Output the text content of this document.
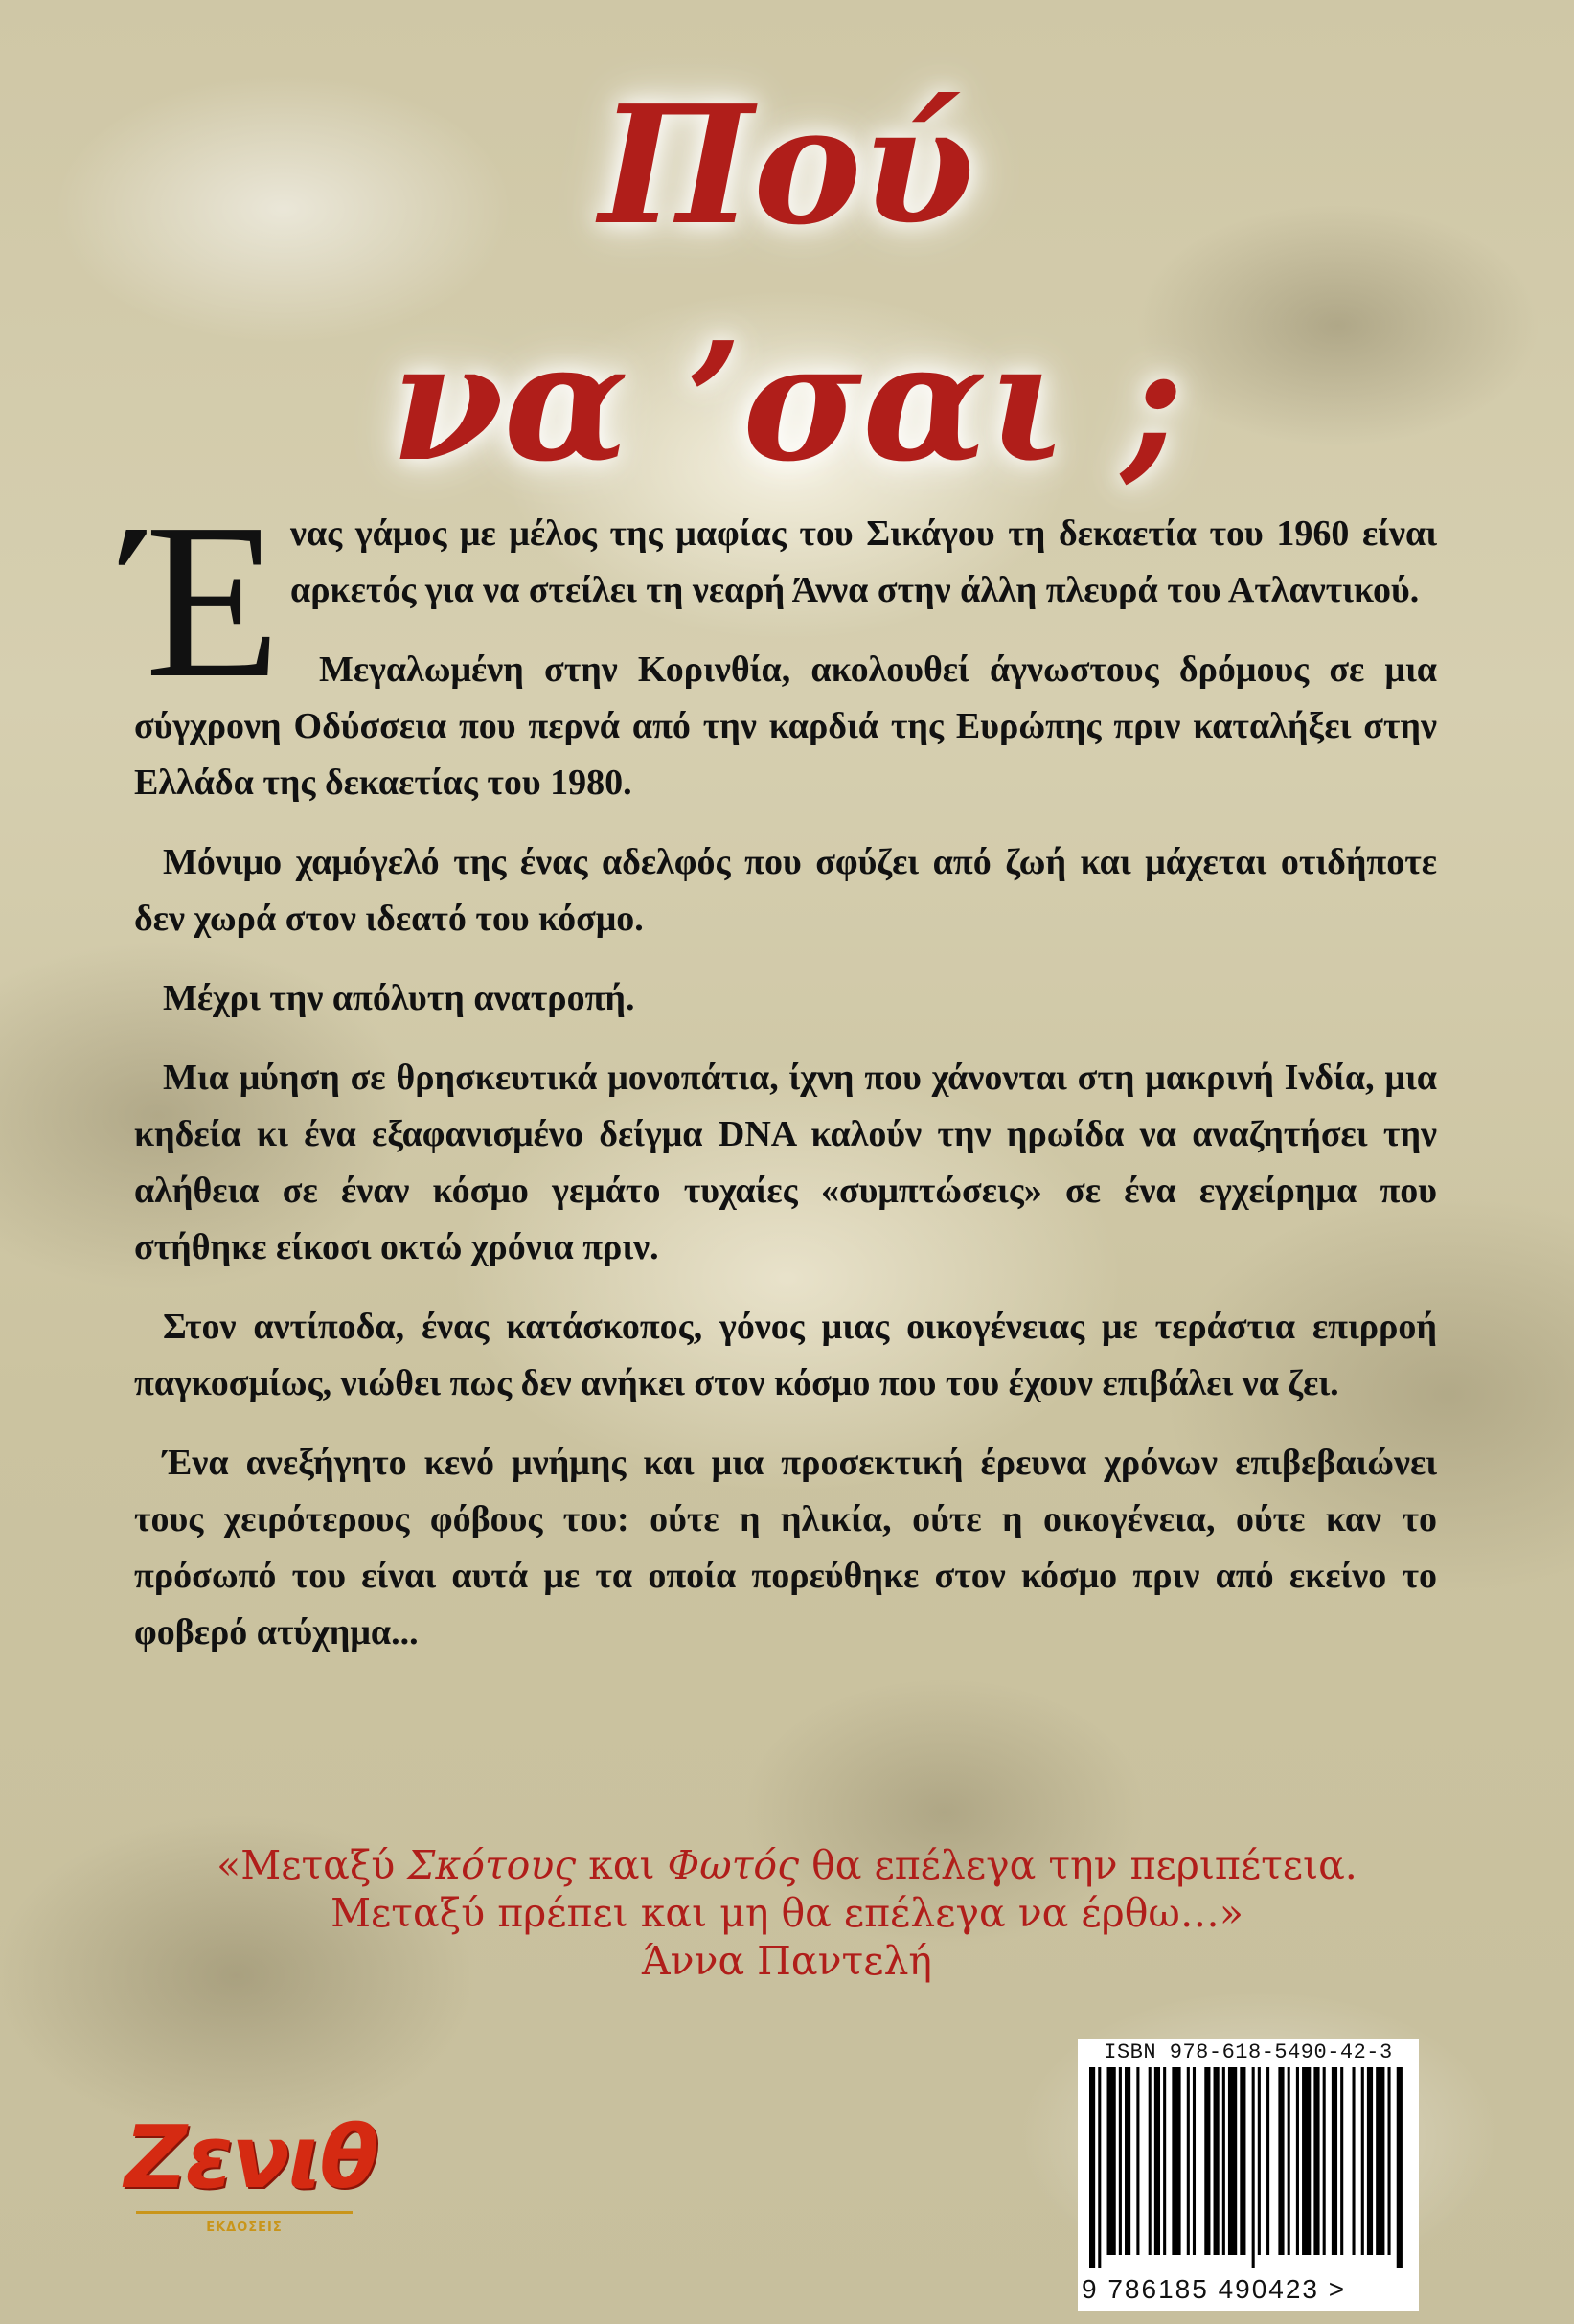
Πού
να ’σαι ;

Ένας γάμος με μέλος της μαφίας του Σικάγου τη δεκαετία του 1960 είναι αρκετός για να στείλει τη νεαρή Άννα στην άλλη πλευρά του Ατλαντικού.

Μεγαλωμένη στην Κορινθία, ακολουθεί άγνωστους δρόμους σε μια σύγχρονη Οδύσσεια που περνά από την καρδιά της Ευρώπης πριν καταλήξει στην Ελλάδα της δεκαετίας του 1980.

Μόνιμο χαμόγελό της ένας αδελφός που σφύζει από ζωή και μάχεται οτιδήποτε δεν χωρά στον ιδεατό του κόσμο.

Μέχρι την απόλυτη ανατροπή.

Μια μύηση σε θρησκευτικά μονοπάτια, ίχνη που χάνονται στη μακρινή Ινδία, μια κηδεία κι ένα εξαφανισμένο δείγμα DNA καλούν την ηρωίδα να αναζητήσει την αλήθεια σε έναν κόσμο γεμάτο τυχαίες «συμπτώσεις» σε ένα εγχείρημα που στήθηκε είκοσι οκτώ χρόνια πριν.

Στον αντίποδα, ένας κατάσκοπος, γόνος μιας οικογένειας με τεράστια επιρροή παγκοσμίως, νιώθει πως δεν ανήκει στον κόσμο που του έχουν επιβάλει να ζει.

Ένα ανεξήγητο κενό μνήμης και μια προσεκτική έρευνα χρόνων επιβεβαιώνει τους χειρότερους φόβους του: ούτε η ηλικία, ούτε η οικογένεια, ούτε καν το πρόσωπό του είναι αυτά με τα οποία πορεύθηκε στον κόσμο πριν από εκείνο το φοβερό ατύχημα...

«Μεταξύ Σκότους και Φωτός θα επέλεγα την περιπέτεια.
Μεταξύ πρέπει και μη θα επέλεγα να έρθω…»
Άννα Παντελή
ISBN 978-618-5490-42-3
9 786185 490423 >
Ζενιθ
ΕΚΔΟΣΕΙΣ
